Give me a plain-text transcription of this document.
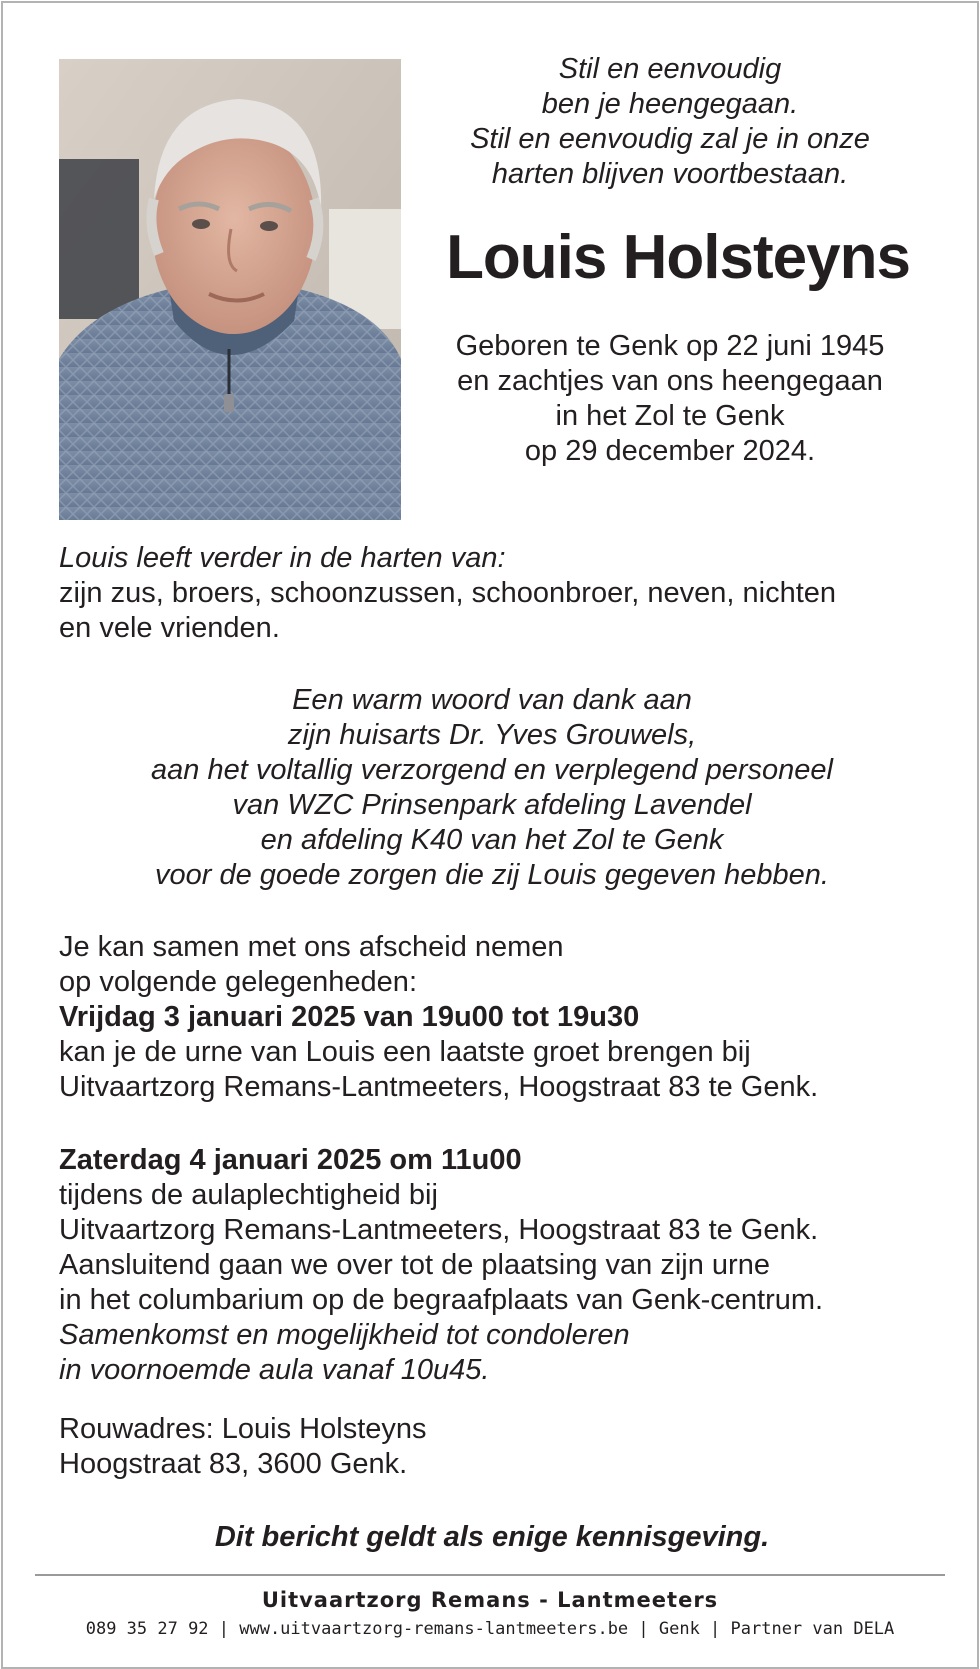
Stil en eenvoudig
ben je heengegaan.
Stil en eenvoudig zal je in onze
harten blijven voortbestaan.
Louis Holsteyns
Geboren te Genk op 22 juni 1945
en zachtjes van ons heengegaan
in het Zol te Genk
op 29 december 2024.
Louis leeft verder in de harten van:
zijn zus, broers, schoonzussen, schoonbroer, neven, nichten
en vele vrienden.
Een warm woord van dank aan
zijn huisarts Dr. Yves Grouwels,
aan het voltallig verzorgend en verplegend personeel
van WZC Prinsenpark afdeling Lavendel
en afdeling K40 van het Zol te Genk
voor de goede zorgen die zij Louis gegeven hebben.
Je kan samen met ons afscheid nemen
op volgende gelegenheden:
Vrijdag 3 januari 2025 van 19u00 tot 19u30
kan je de urne van Louis een laatste groet brengen bij
Uitvaartzorg Remans-Lantmeeters, Hoogstraat 83 te Genk.
Zaterdag 4 januari 2025 om 11u00
tijdens de aulaplechtigheid bij
Uitvaartzorg Remans-Lantmeeters, Hoogstraat 83 te Genk.
Aansluitend gaan we over tot de plaatsing van zijn urne
in het columbarium op de begraafplaats van Genk-centrum.
Samenkomst en mogelijkheid tot condoleren
in voornoemde aula vanaf 10u45.
Rouwadres: Louis Holsteyns
Hoogstraat 83, 3600 Genk.
Dit bericht geldt als enige kennisgeving.
Uitvaartzorg Remans - Lantmeeters
089 35 27 92 | www.uitvaartzorg-remans-lantmeeters.be | Genk | Partner van DELA
